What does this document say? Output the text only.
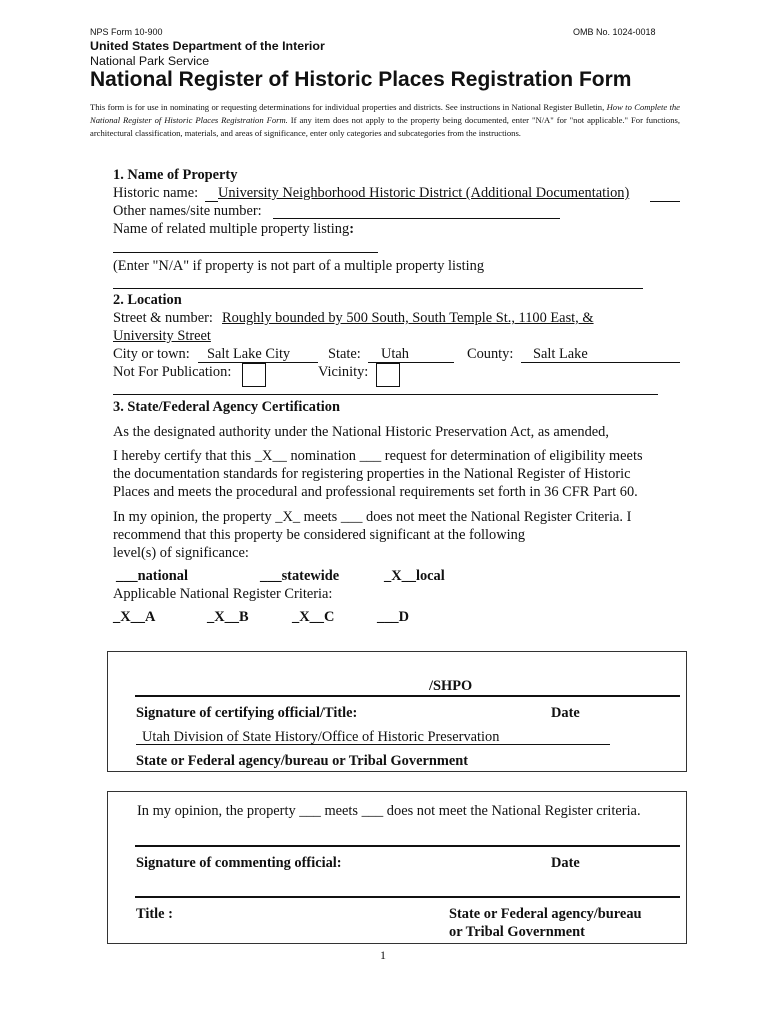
NPS Form 10-900	OMB No. 1024-0018
United States Department of the Interior
National Park Service
National Register of Historic Places Registration Form
This form is for use in nominating or requesting determinations for individual properties and districts. See instructions in National Register Bulletin, How to Complete the National Register of Historic Places Registration Form. If any item does not apply to the property being documented, enter "N/A" for "not applicable." For functions, architectural classification, materials, and areas of significance, enter only categories and subcategories from the instructions.
1. Name of Property
Historic name: University Neighborhood Historic District (Additional Documentation)
Other names/site number:
Name of related multiple property listing:
(Enter "N/A" if property is not part of a multiple property listing
2. Location
Street & number: Roughly bounded by 500 South, South Temple St., 1100 East, &
University Street
City or town: Salt Lake City	State: Utah	County: Salt Lake
Not For Publication:	Vicinity:
3. State/Federal Agency Certification
As the designated authority under the National Historic Preservation Act, as amended,
I hereby certify that this _X__ nomination ___ request for determination of eligibility meets
the documentation standards for registering properties in the National Register of Historic
Places and meets the procedural and professional requirements set forth in 36 CFR Part 60.
In my opinion, the property _X_ meets ___ does not meet the National Register Criteria. I
recommend that this property be considered significant at the following
level(s) of significance:
___national	___statewide	_X__local
Applicable National Register Criteria:
_X__A	_X__B	_X__C	___D
/SHPO
Signature of certifying official/Title:	Date
Utah Division of State History/Office of Historic Preservation
State or Federal agency/bureau or Tribal Government
In my opinion, the property ___ meets ___ does not meet the National Register criteria.
Signature of commenting official:	Date
Title :	State or Federal agency/bureau
or Tribal Government
1
